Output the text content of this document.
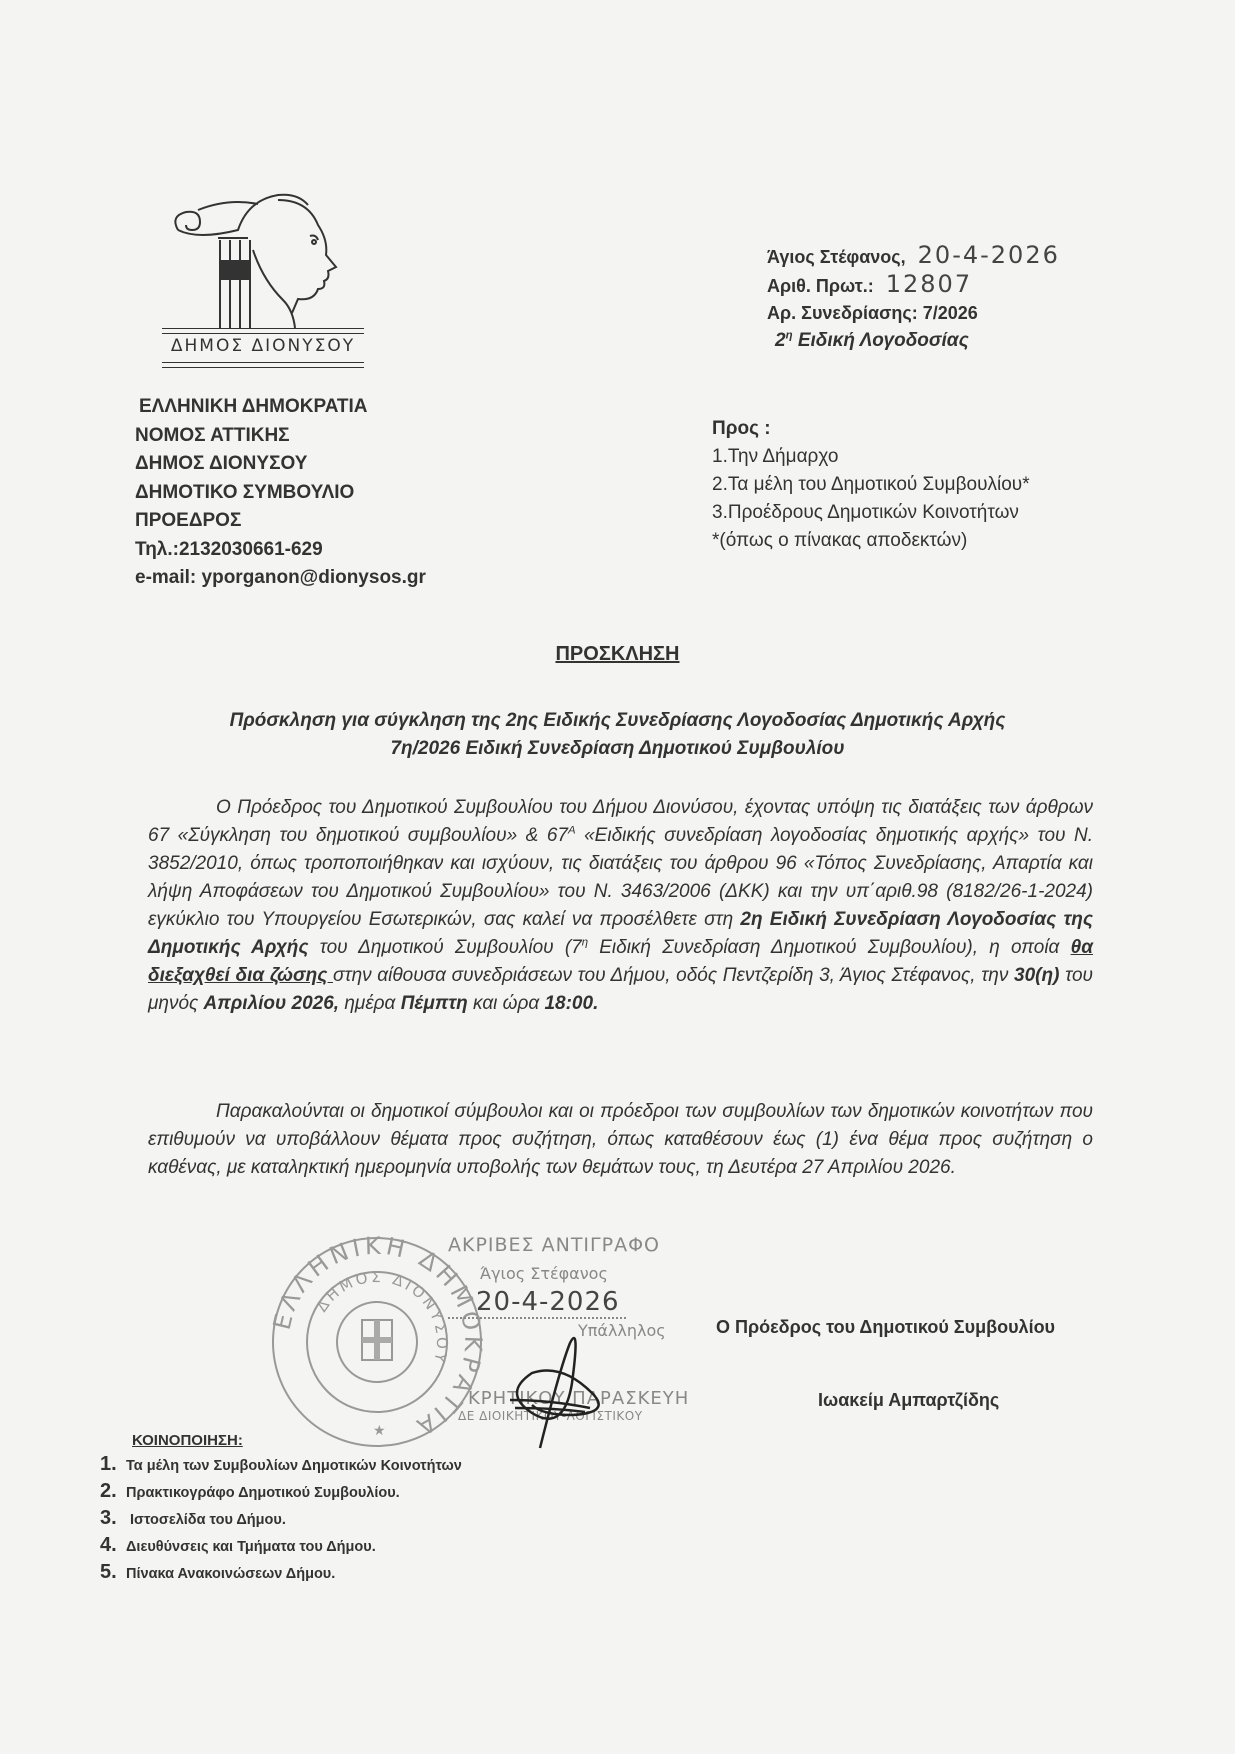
ΔΗΜΟΣ ΔΙΟΝΥΣΟΥ
ΕΛΛΗΝΙΚΗ ΔΗΜΟΚΡΑΤΙΑ
ΝΟΜΟΣ ΑΤΤΙΚΗΣ
ΔΗΜΟΣ ΔΙΟΝΥΣΟΥ
ΔΗΜΟΤΙΚΟ ΣΥΜΒΟΥΛΙΟ
ΠΡΟΕΔΡΟΣ
Τηλ.:2132030661-629
e-mail: yporganon@dionysos.gr
Άγιος Στέφανος, 20-4-2026
Αριθ. Πρωτ.: 12807
Αρ. Συνεδρίασης: 7/2026
$2^\eta$ Ειδική Λογοδοσίας
Προς :
1.Την Δήμαρχο
2.Τα μέλη του Δημοτικού Συμβουλίου*
3.Προέδρους Δημοτικών Κοινοτήτων
*(όπως ο πίνακας αποδεκτών)
ΠΡΟΣΚΛΗΣΗ
Πρόσκληση για σύγκληση της 2ης Ειδικής Συνεδρίασης Λογοδοσίας Δημοτικής Αρχής
7η/2026 Ειδική Συνεδρίαση Δημοτικού Συμβουλίου

Ο Πρόεδρος του Δημοτικού Συμβουλίου του Δήμου Διονύσου, έχοντας υπόψη τις διατάξεις των άρθρων 67 «Σύγκληση του δημοτικού συμβουλίου» & $67^A$ «Ειδικής συνεδρίαση λογοδοσίας δημοτικής αρχής» του Ν. 3852/2010, όπως τροποποιήθηκαν και ισχύουν, τις διατάξεις του άρθρου 96 «Τόπος Συνεδρίασης, Απαρτία και λήψη Αποφάσεων του Δημοτικού Συμβουλίου» του Ν. 3463/2006 (ΔΚΚ) και την υπ΄αριθ.98 (8182/26-1-2024) εγκύκλιο του Υπουργείου Εσωτερικών, σας καλεί να προσέλθετε στη 2η Ειδική Συνεδρίαση Λογοδοσίας της Δημοτικής Αρχής του Δημοτικού Συμβουλίου ($7^\eta$ Ειδική Συνεδρίαση Δημοτικού Συμβουλίου), η οποία θα διεξαχθεί δια ζώσης στην αίθουσα συνεδριάσεων του Δήμου, οδός Πεντζερίδη 3, Άγιος Στέφανος, την 30(η) του μηνός Απριλίου 2026, ημέρα Πέμπτη και ώρα 18:00.

Παρακαλούνται οι δημοτικοί σύμβουλοι και οι πρόεδροι των συμβουλίων των δημοτικών κοινοτήτων που επιθυμούν να υποβάλλουν θέματα προς συζήτηση, όπως καταθέσουν έως (1) ένα θέμα προς συζήτηση ο καθένας, με καταληκτική ημερομηνία υποβολής των θεμάτων τους, τη Δευτέρα 27 Απριλίου 2026.

ΕΛΛΗΝΙΚΗ ΔΗΜΟΚΡΑΤΙΑ
ΔΗΜΟΣ ΔΙΟΝΥΣΟΥ
★
ΑΚΡΙΒΕΣ ΑΝΤΙΓΡΑΦΟ
Άγιος Στέφανος
20-4-2026
Υπάλληλος
ΚΡΗΤΙΚΟΥ ΠΑΡΑΣΚΕΥΗ
ΔΕ ΔΙΟΙΚΗΤΙΚΟΥ-ΛΟΓΙΣΤΙΚΟΥ
Ο Πρόεδρος του Δημοτικού Συμβουλίου
Ιωακείμ Αμπαρτζίδης
ΚΟΙΝΟΠΟΙΗΣΗ:
1. Τα μέλη των Συμβουλίων Δημοτικών Κοινοτήτων
2. Πρακτικογράφο Δημοτικού Συμβουλίου.
3. Ιστοσελίδα του Δήμου.
4. Διευθύνσεις και Τμήματα του Δήμου.
5. Πίνακα Ανακοινώσεων Δήμου.
